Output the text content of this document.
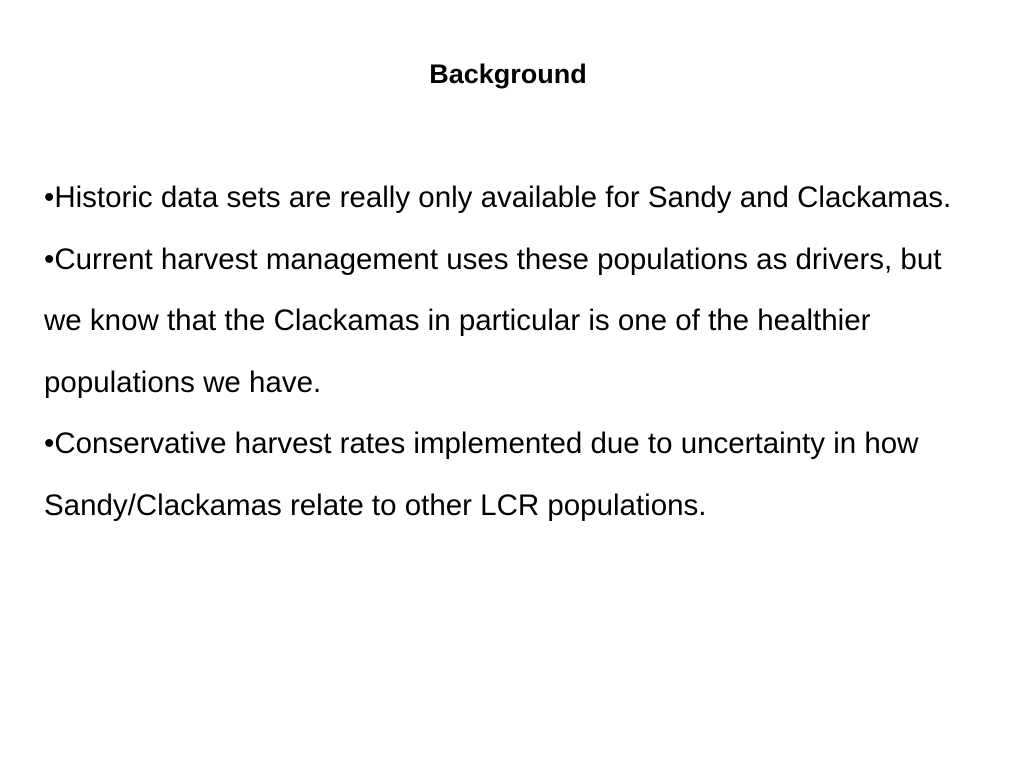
Background
•Historic data sets are really only available for Sandy and Clackamas.
•Current harvest management uses these populations as drivers, but we know that the Clackamas in particular is one of the healthier populations we have.
•Conservative harvest rates implemented due to uncertainty in how Sandy/Clackamas relate to other LCR populations.
